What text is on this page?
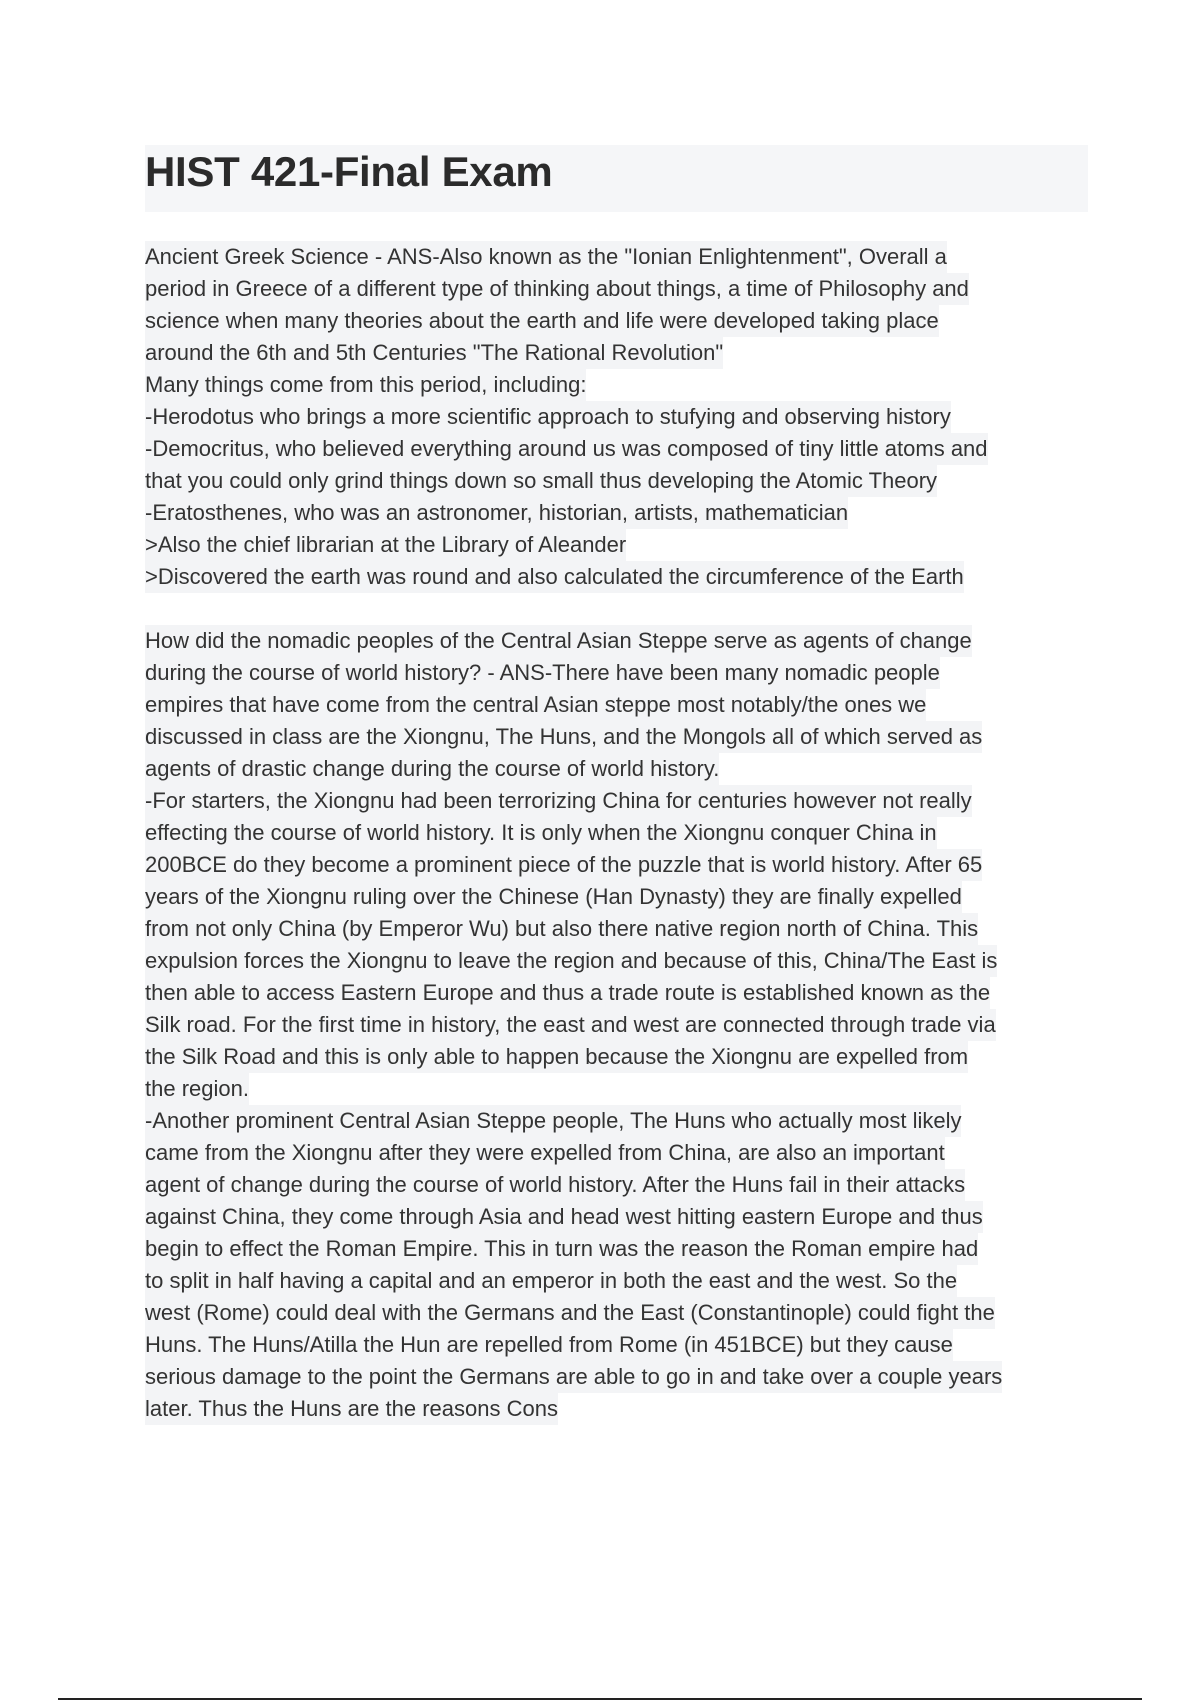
HIST 421-Final Exam
Ancient Greek Science - ANS-Also known as the "Ionian Enlightenment", Overall a
period in Greece of a different type of thinking about things, a time of Philosophy and
science when many theories about the earth and life were developed taking place
around the 6th and 5th Centuries "The Rational Revolution"
Many things come from this period, including:
-Herodotus who brings a more scientific approach to stufying and observing history
-Democritus, who believed everything around us was composed of tiny little atoms and
that you could only grind things down so small thus developing the Atomic Theory
-Eratosthenes, who was an astronomer, historian, artists, mathematician
>Also the chief librarian at the Library of Aleander
>Discovered the earth was round and also calculated the circumference of the Earth
How did the nomadic peoples of the Central Asian Steppe serve as agents of change
during the course of world history? - ANS-There have been many nomadic people
empires that have come from the central Asian steppe most notably/the ones we
discussed in class are the Xiongnu, The Huns, and the Mongols all of which served as
agents of drastic change during the course of world history.
-For starters, the Xiongnu had been terrorizing China for centuries however not really
effecting the course of world history. It is only when the Xiongnu conquer China in
200BCE do they become a prominent piece of the puzzle that is world history. After 65
years of the Xiongnu ruling over the Chinese (Han Dynasty) they are finally expelled
from not only China (by Emperor Wu) but also there native region north of China. This
expulsion forces the Xiongnu to leave the region and because of this, China/The East is
then able to access Eastern Europe and thus a trade route is established known as the
Silk road. For the first time in history, the east and west are connected through trade via
the Silk Road and this is only able to happen because the Xiongnu are expelled from
the region.
-Another prominent Central Asian Steppe people, The Huns who actually most likely
came from the Xiongnu after they were expelled from China, are also an important
agent of change during the course of world history. After the Huns fail in their attacks
against China, they come through Asia and head west hitting eastern Europe and thus
begin to effect the Roman Empire. This in turn was the reason the Roman empire had
to split in half having a capital and an emperor in both the east and the west. So the
west (Rome) could deal with the Germans and the East (Constantinople) could fight the
Huns. The Huns/Atilla the Hun are repelled from Rome (in 451BCE) but they cause
serious damage to the point the Germans are able to go in and take over a couple years
later. Thus the Huns are the reasons Cons
